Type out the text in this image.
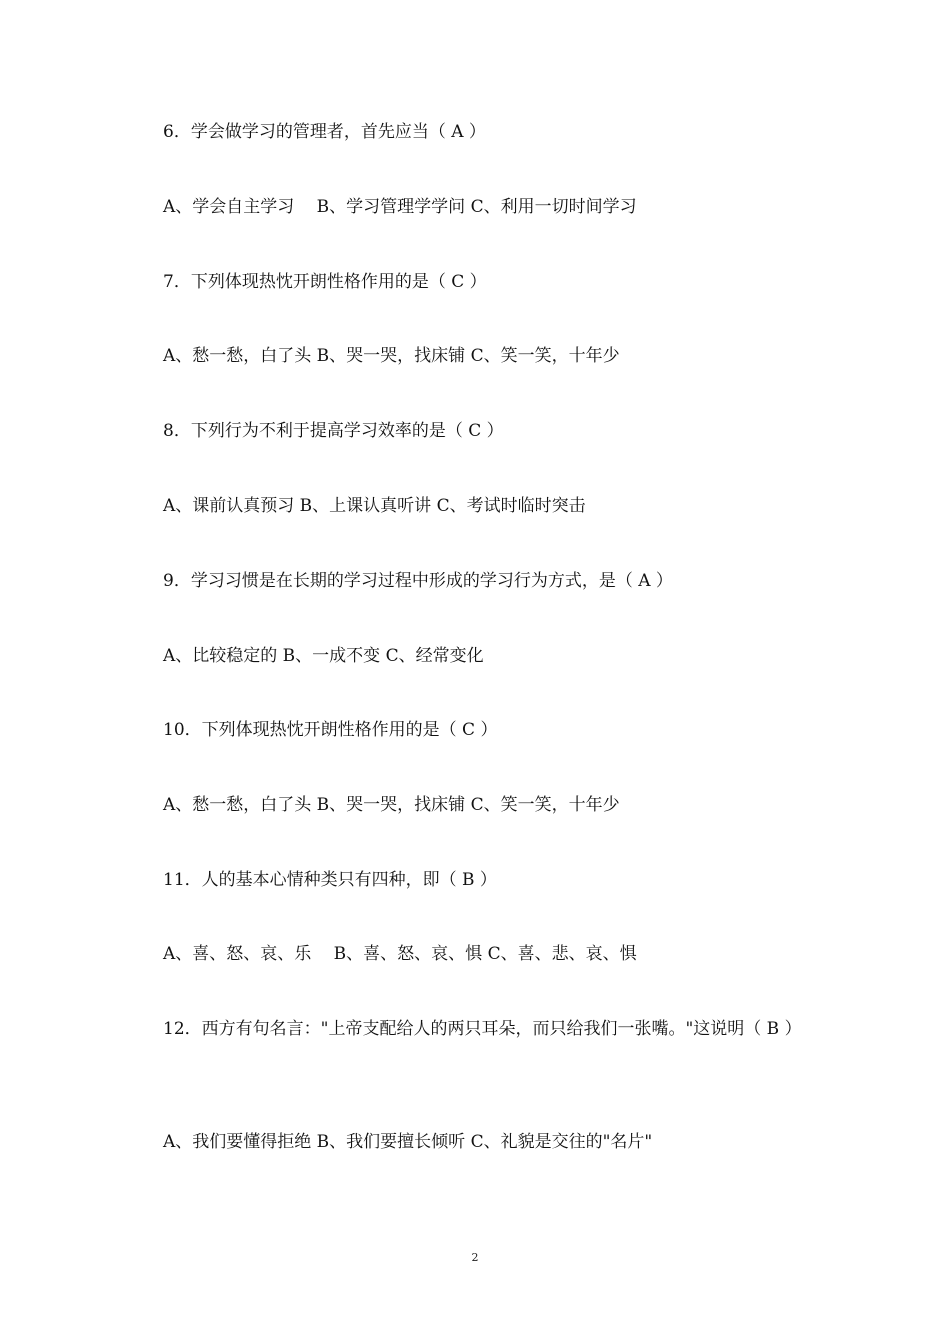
6．学会做学习的管理者，首先应当（ A ）
A、学会自主学习　 B、学习管理学学问 C、利用一切时间学习
7．下列体现热忱开朗性格作用的是（ C ）
A、愁一愁，白了头 B、哭一哭，找床铺 C、笑一笑，十年少
8．下列行为不利于提高学习效率的是（ C ）
A、课前认真预习 B、上课认真听讲 C、考试时临时突击
9．学习习惯是在长期的学习过程中形成的学习行为方式，是（ A ）
A、比较稳定的 B、一成不变 C、经常变化
10．下列体现热忱开朗性格作用的是（ C ）
A、愁一愁，白了头 B、哭一哭，找床铺 C、笑一笑，十年少
11．人的基本心情种类只有四种，即（ B ）
A、喜、怒、哀、乐　 B、喜、怒、哀、惧 C、喜、悲、哀、惧
12．西方有句名言："上帝支配给人的两只耳朵，而只给我们一张嘴。"这说明（ B ）
A、我们要懂得拒绝 B、我们要擅长倾听 C、礼貌是交往的"名片"
2
